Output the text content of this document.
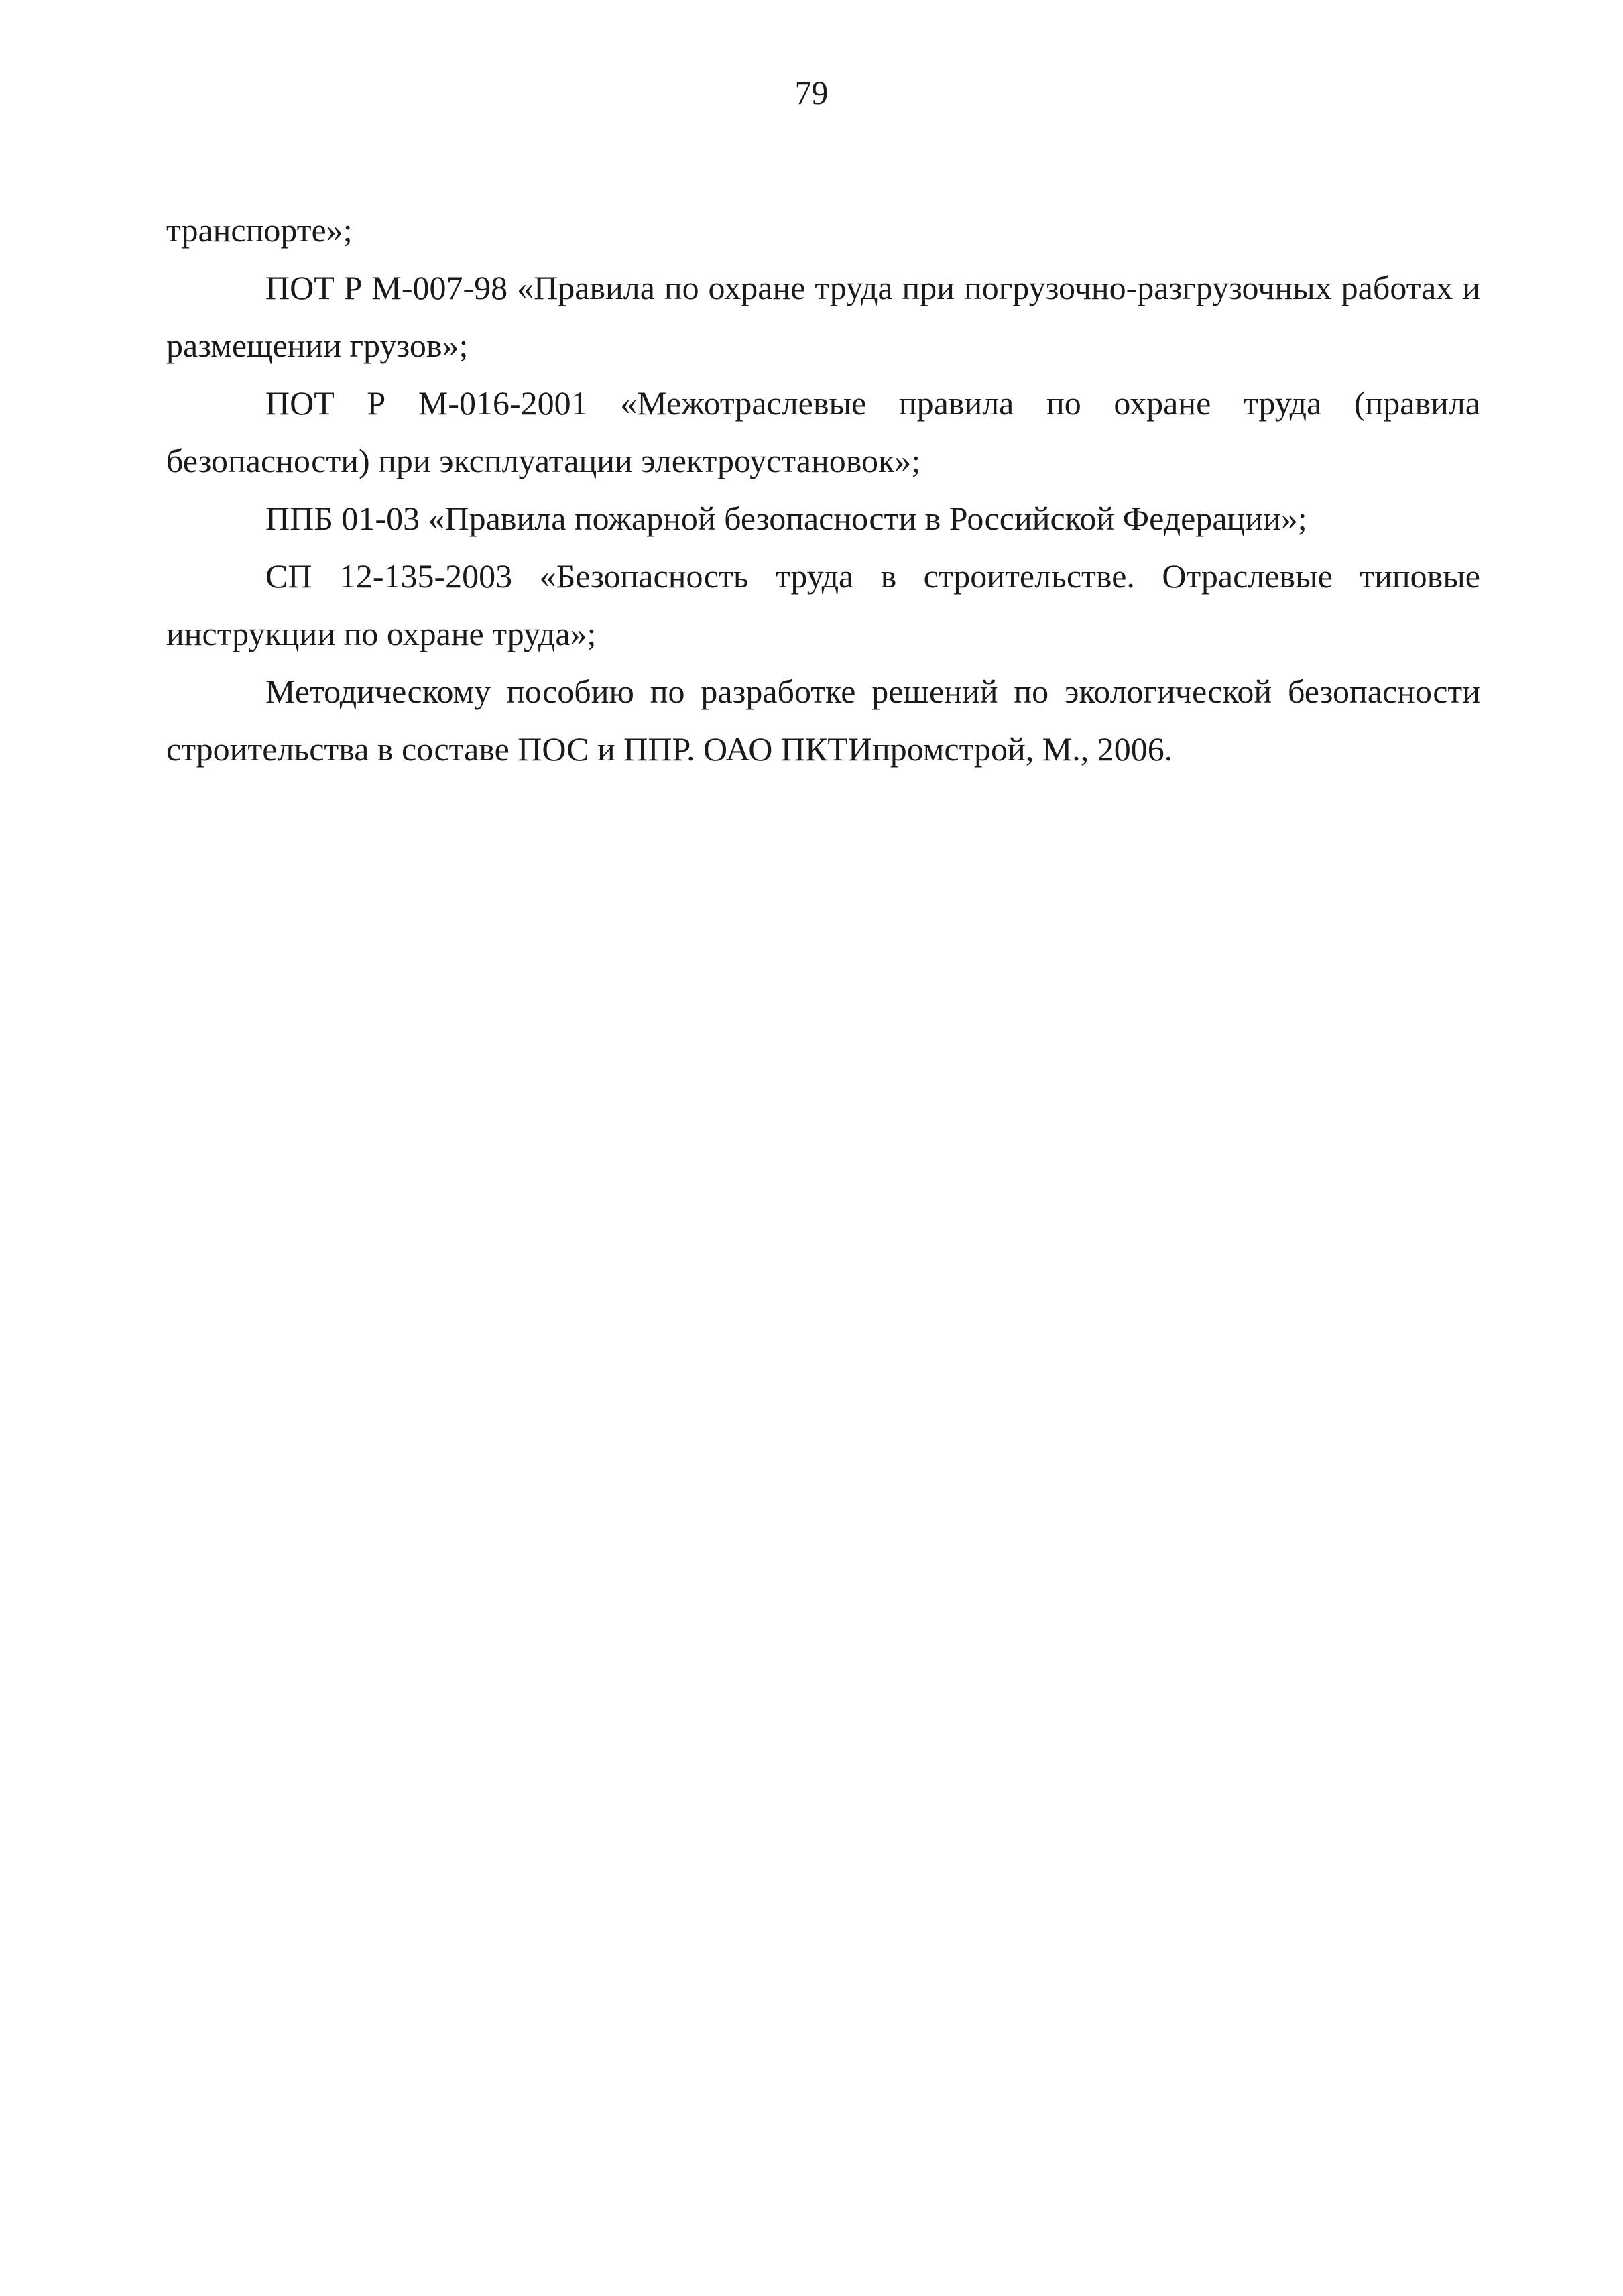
79

транспорте»;

ПОТ Р М-007-98 «Правила по охране труда при погрузочно-разгрузочных работах и размещении грузов»;

ПОТ Р М-016-2001 «Межотраслевые правила по охране труда (правила безопасности) при эксплуатации электроустановок»;

ППБ 01-03 «Правила пожарной безопасности в Российской Федерации»;

СП 12-135-2003 «Безопасность труда в строительстве. Отраслевые типовые инструкции по охране труда»;

Методическому пособию по разработке решений по экологической безопасности строительства в составе ПОС и ППР. ОАО ПКТИпромстрой, М., 2006.
